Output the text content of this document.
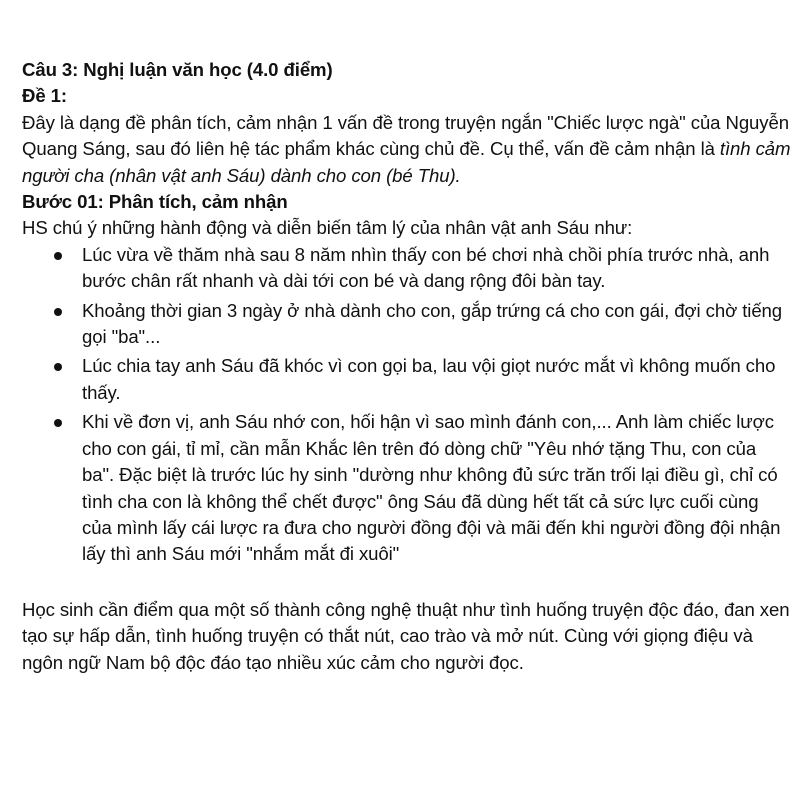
Câu 3: Nghị luận văn học (4.0 điểm)

Đề 1:

Đây là dạng đề phân tích, cảm nhận 1 vấn đề trong truyện ngắn "Chiếc lược ngà" của Nguyễn Quang Sáng, sau đó liên hệ tác phẩm khác cùng chủ đề. Cụ thể, vấn đề cảm nhận là tình cảm người cha (nhân vật anh Sáu) dành cho con (bé Thu).

Bước 01: Phân tích, cảm nhận

HS chú ý những hành động và diễn biến tâm lý của nhân vật anh Sáu như:

Lúc vừa về thăm nhà sau 8 năm nhìn thấy con bé chơi nhà chồi phía trước nhà, anh bước chân rất nhanh và dài tới con bé và dang rộng đôi bàn tay.
Khoảng thời gian 3 ngày ở nhà dành cho con, gắp trứng cá cho con gái, đợi chờ tiếng gọi "ba"...
Lúc chia tay anh Sáu đã khóc vì con gọi ba, lau vội giọt nước mắt vì không muốn cho thấy.
Khi về đơn vị, anh Sáu nhớ con, hối hận vì sao mình đánh con,... Anh làm chiếc lược cho con gái, tỉ mỉ, cần mẫn Khắc lên trên đó dòng chữ "Yêu nhớ tặng Thu, con của ba". Đặc biệt là trước lúc hy sinh "dường như không đủ sức trăn trối lại điều gì, chỉ có tình cha con là không thể chết được" ông Sáu đã dùng hết tất cả sức lực cuối cùng của mình lấy cái lược ra đưa cho người đồng đội và mãi đến khi người đồng đội nhận lấy thì anh Sáu mới "nhắm mắt đi xuôi"

Học sinh cần điểm qua một số thành công nghệ thuật như tình huống truyện độc đáo, đan xen tạo sự hấp dẫn, tình huống truyện có thắt nút, cao trào và mở nút. Cùng với giọng điệu và ngôn ngữ Nam bộ độc đáo tạo nhiều xúc cảm cho người đọc.
